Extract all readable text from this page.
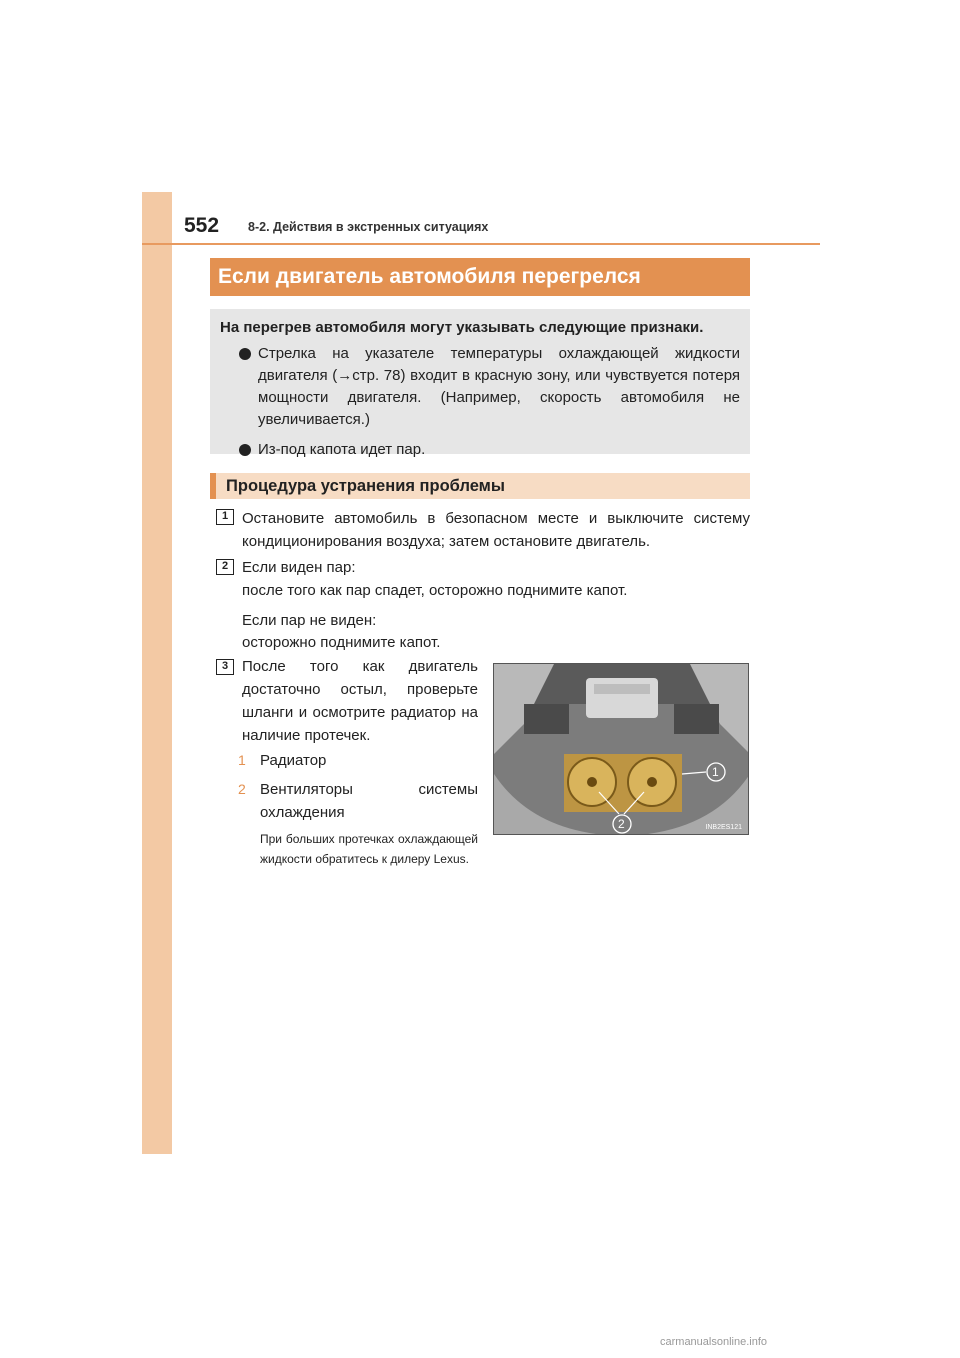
552 8-2. Действия в экстренных ситуациях
Если двигатель автомобиля перегрелся
На перегрев автомобиля могут указывать следующие признаки.
Стрелка на указателе температуры охлаждающей жидкости двигателя (→стр. 78) входит в красную зону, или чувствуется потеря мощности двигателя. (Например, скорость автомобиля не увеличивается.)
Из-под капота идет пар.
Процедура устранения проблемы
1 Остановите автомобиль в безопасном месте и выключите систему кондиционирования воздуха; затем остановите двигатель.
2 Если виден пар:
после того как пар спадет, осторожно поднимите капот.
Если пар не виден:
осторожно поднимите капот.
3 После того как двигатель достаточно остыл, проверьте шланги и осмотрите радиатор на наличие протечек.
1 Радиатор
2 Вентиляторы системы охлаждения
При больших протечках охлаждающей жидкости обратитесь к дилеру Lexus.
1
2	INB2ES121
carmanualsonline.info
